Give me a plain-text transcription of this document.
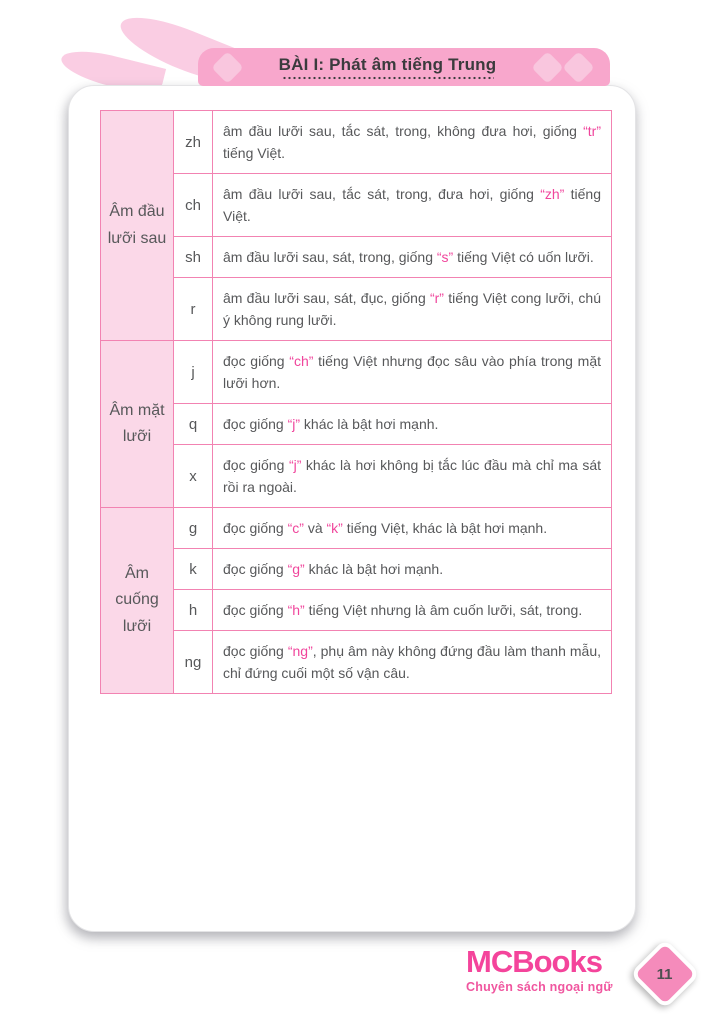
BÀI I: Phát âm tiếng Trung
Âm đầu lưỡi sau	zh	âm đầu lưỡi sau, tắc sát, trong, không đưa hơi, giống “tr” tiếng Việt.
	ch	âm đầu lưỡi sau, tắc sát, trong, đưa hơi, giống “zh” tiếng Việt.
	sh	âm đầu lưỡi sau, sát, trong, giống “s” tiếng Việt có uốn lưỡi.
	r	âm đầu lưỡi sau, sát, đục, giống “r” tiếng Việt cong lưỡi, chú ý không rung lưỡi.
Âm mặt lưỡi	j	đọc giống “ch” tiếng Việt nhưng đọc sâu vào phía trong mặt lưỡi hơn.
	q	đọc giống “j” khác là bật hơi mạnh.
	x	đọc giống “j” khác là hơi không bị tắc lúc đầu mà chỉ ma sát rồi ra ngoài.
Âm cuống lưỡi	g	đọc giống “c” và “k” tiếng Việt, khác là bật hơi mạnh.
	k	đọc giống “g” khác là bật hơi mạnh.
	h	đọc giống “h” tiếng Việt nhưng là âm cuốn lưỡi, sát, trong.
	ng	đọc giống “ng”, phụ âm này không đứng đầu làm thanh mẫu, chỉ đứng cuối một số vận câu.
MCBooks
Chuyên sách ngoại ngữ
11
